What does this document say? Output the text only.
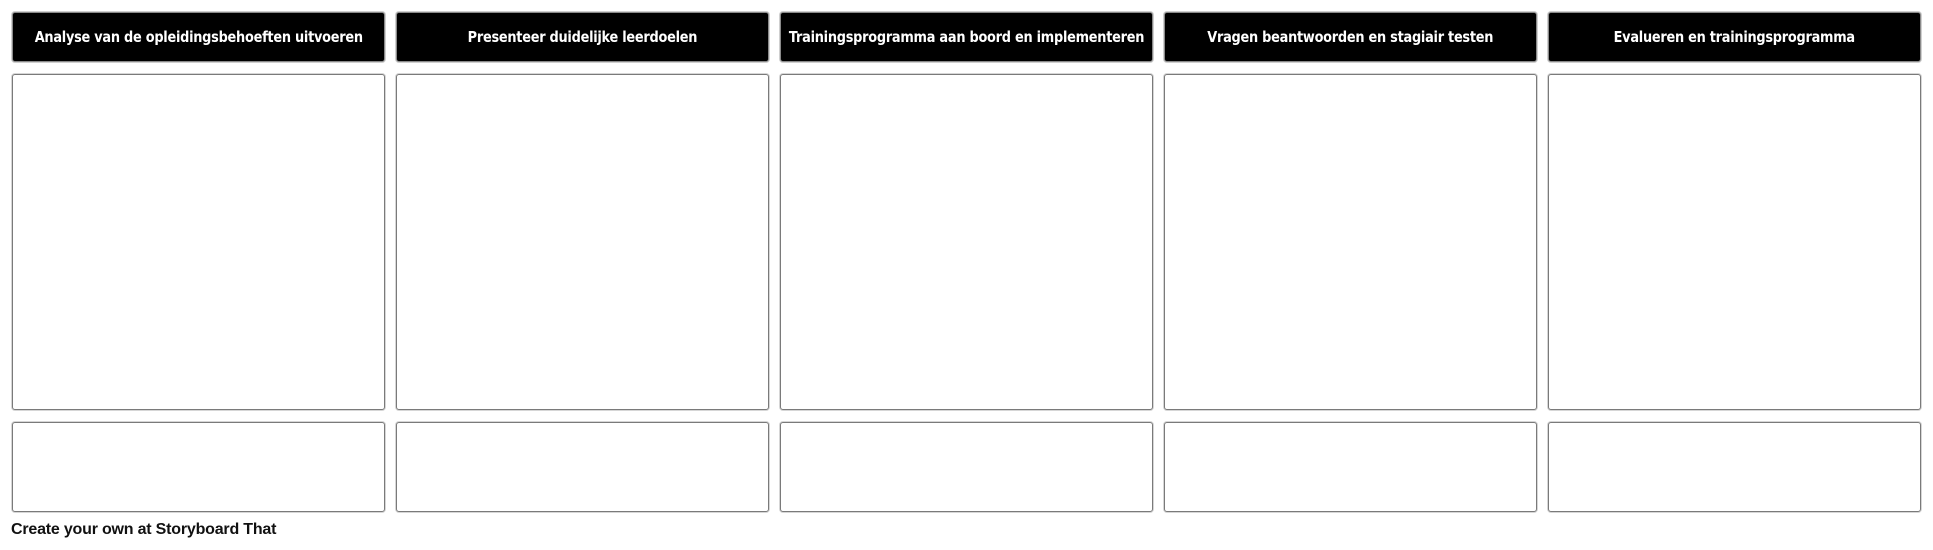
Analyse van de opleidingsbehoeften uitvoeren	Presenteer duidelijke leerdoelen	Trainingsprogramma aan boord en implementeren	Vragen beantwoorden en stagiair testen	Evalueren en trainingsprogramma
Create your own at Storyboard That
